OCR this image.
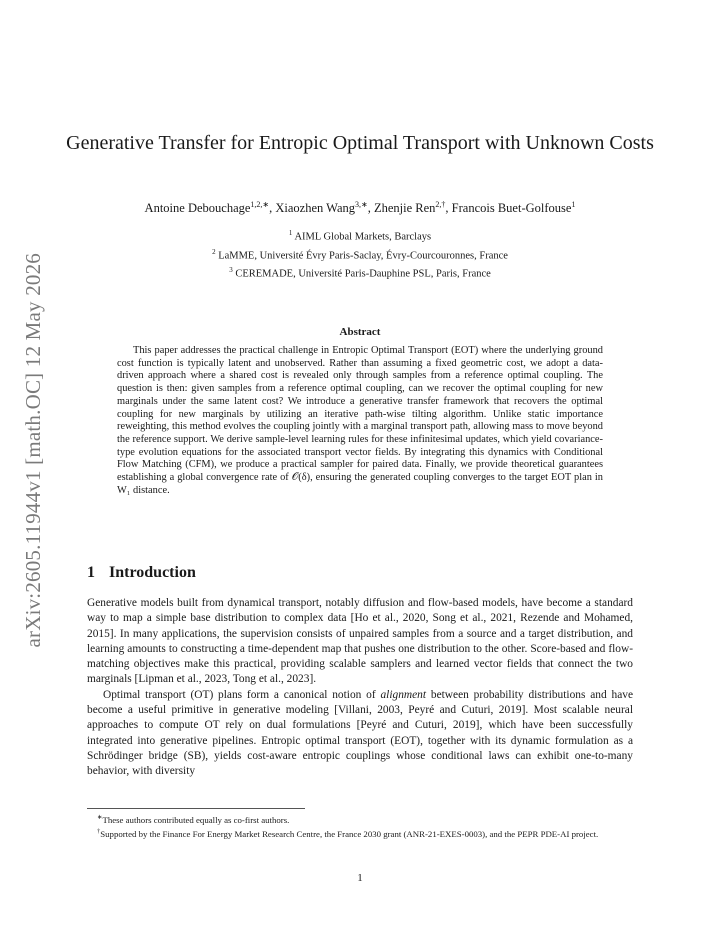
arXiv:2605.11944v1 [math.OC] 12 May 2026
Generative Transfer for Entropic Optimal Transport with Unknown Costs
Antoine Debouchage$^{1,2,∗}$, Xiaozhen Wang$^{3,∗}$, Zhenjie Ren$^{2,\dagger}$, Francois Buet-Golfouse$^1$
$^1$ AIML Global Markets, Barclays
$^2$ LaMME, Université Évry Paris-Saclay, Évry-Courcouronnes, France
$^3$ CEREMADE, Université Paris-Dauphine PSL, Paris, France
Abstract

This paper addresses the practical challenge in Entropic Optimal Transport (EOT) where the underlying ground cost function is typically latent and unobserved. Rather than assuming a fixed geometric cost, we adopt a data-driven approach where a shared cost is revealed only through samples from a reference optimal coupling. The question is then: given samples from a reference optimal coupling, can we recover the optimal coupling for new marginals under the same latent cost? We introduce a generative transfer framework that recovers the optimal coupling for new marginals by utilizing an iterative path-wise tilting algorithm. Unlike static importance reweighting, this method evolves the coupling jointly with a marginal transport path, allowing mass to move beyond the reference support. We derive sample-level learning rules for these infinitesimal updates, which yield covariance-type evolution equations for the associated transport vector fields. By integrating this dynamics with Conditional Flow Matching (CFM), we produce a practical sampler for paired data. Finally, we provide theoretical guarantees establishing a global convergence rate of 𝒪(δ), ensuring the generated coupling converges to the target EOT plan in W₁ distance.

1 Introduction

Generative models built from dynamical transport, notably diffusion and flow-based models, have become a standard way to map a simple base distribution to complex data [Ho et al., 2020, Song et al., 2021, Rezende and Mohamed, 2015]. In many applications, the supervision consists of unpaired samples from a source and a target distribution, and learning amounts to constructing a time-dependent map that pushes one distribution to the other. Score-based and flow-matching objectives make this practical, providing scalable samplers and learned vector fields that connect the two marginals [Lipman et al., 2023, Tong et al., 2023].

Optimal transport (OT) plans form a canonical notion of alignment between probability distributions and have become a useful primitive in generative modeling [Villani, 2003, Peyré and Cuturi, 2019]. Most scalable neural approaches to compute OT rely on dual formulations [Peyré and Cuturi, 2019], which have been successfully integrated into generative pipelines. Entropic optimal transport (EOT), together with its dynamic formulation as a Schrödinger bridge (SB), yields cost-aware entropic couplings whose conditional laws can exhibit one-to-many behavior, with diversity

∗These authors contributed equally as co-first authors.

†Supported by the Finance For Energy Market Research Centre, the France 2030 grant (ANR-21-EXES-0003), and the PEPR PDE-AI project.

1
